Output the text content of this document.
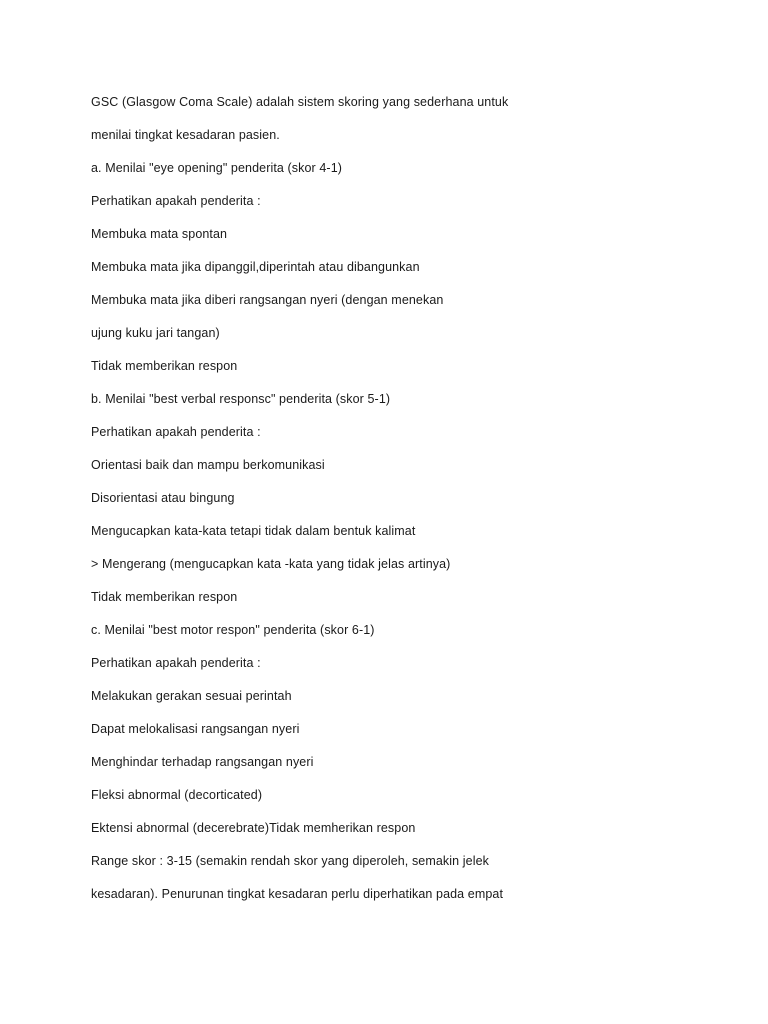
GSC (Glasgow Coma Scale) adalah sistem skoring yang sederhana untuk
menilai tingkat kesadaran pasien.
a. Menilai "eye opening" penderita (skor 4-1)
Perhatikan apakah penderita :
Membuka mata spontan
Membuka mata jika dipanggil,diperintah atau dibangunkan
Membuka mata jika diberi rangsangan nyeri (dengan menekan
ujung kuku jari tangan)
Tidak memberikan respon
b. Menilai "best verbal responsc" penderita (skor 5-1)
Perhatikan apakah penderita :
Orientasi baik dan mampu berkomunikasi
Disorientasi atau bingung
Mengucapkan kata-kata tetapi tidak dalam bentuk kalimat
> Mengerang (mengucapkan kata -kata yang tidak jelas artinya)
Tidak memberikan respon
c. Menilai "best motor respon" penderita (skor 6-1)
Perhatikan apakah penderita :
Melakukan gerakan sesuai perintah
Dapat melokalisasi rangsangan nyeri
Menghindar terhadap rangsangan nyeri
Fleksi abnormal (decorticated)
Ektensi abnormal (decerebrate)Tidak memherikan respon
Range skor : 3-15 (semakin rendah skor yang diperoleh, semakin jelek
kesadaran). Penurunan tingkat kesadaran perlu diperhatikan pada empat
